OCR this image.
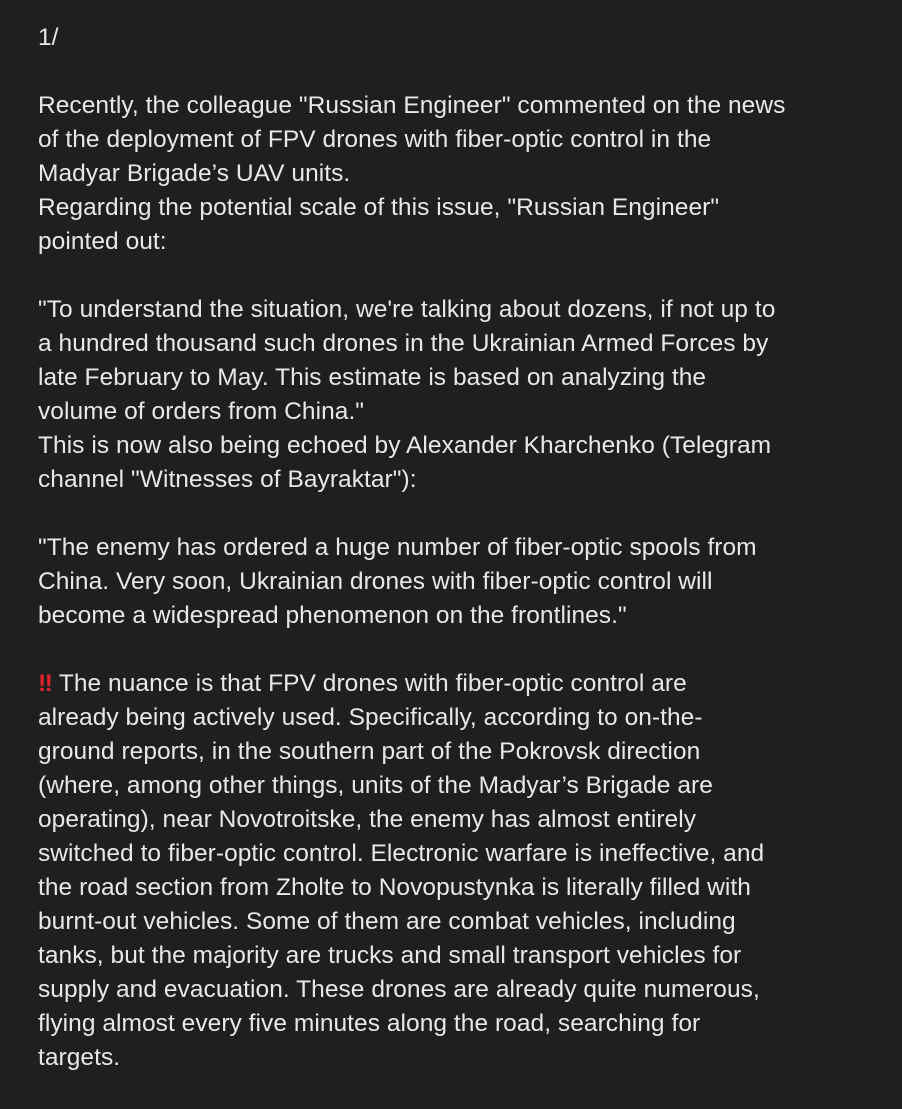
1/
Recently, the colleague "Russian Engineer" commented on the news
of the deployment of FPV drones with fiber-optic control in the
Madyar Brigade’s UAV units.
Regarding the potential scale of this issue, "Russian Engineer"
pointed out:
"To understand the situation, we're talking about dozens, if not up to
a hundred thousand such drones in the Ukrainian Armed Forces by
late February to May. This estimate is based on analyzing the
volume of orders from China."
This is now also being echoed by Alexander Kharchenko (Telegram
channel "Witnesses of Bayraktar"):
"The enemy has ordered a huge number of fiber-optic spools from
China. Very soon, Ukrainian drones with fiber-optic control will
become a widespread phenomenon on the frontlines."
‼ The nuance is that FPV drones with fiber-optic control are
already being actively used. Specifically, according to on-the-
ground reports, in the southern part of the Pokrovsk direction
(where, among other things, units of the Madyar’s Brigade are
operating), near Novotroitske, the enemy has almost entirely
switched to fiber-optic control. Electronic warfare is ineffective, and
the road section from Zholte to Novopustynka is literally filled with
burnt-out vehicles. Some of them are combat vehicles, including
tanks, but the majority are trucks and small transport vehicles for
supply and evacuation. These drones are already quite numerous,
flying almost every five minutes along the road, searching for
targets.
